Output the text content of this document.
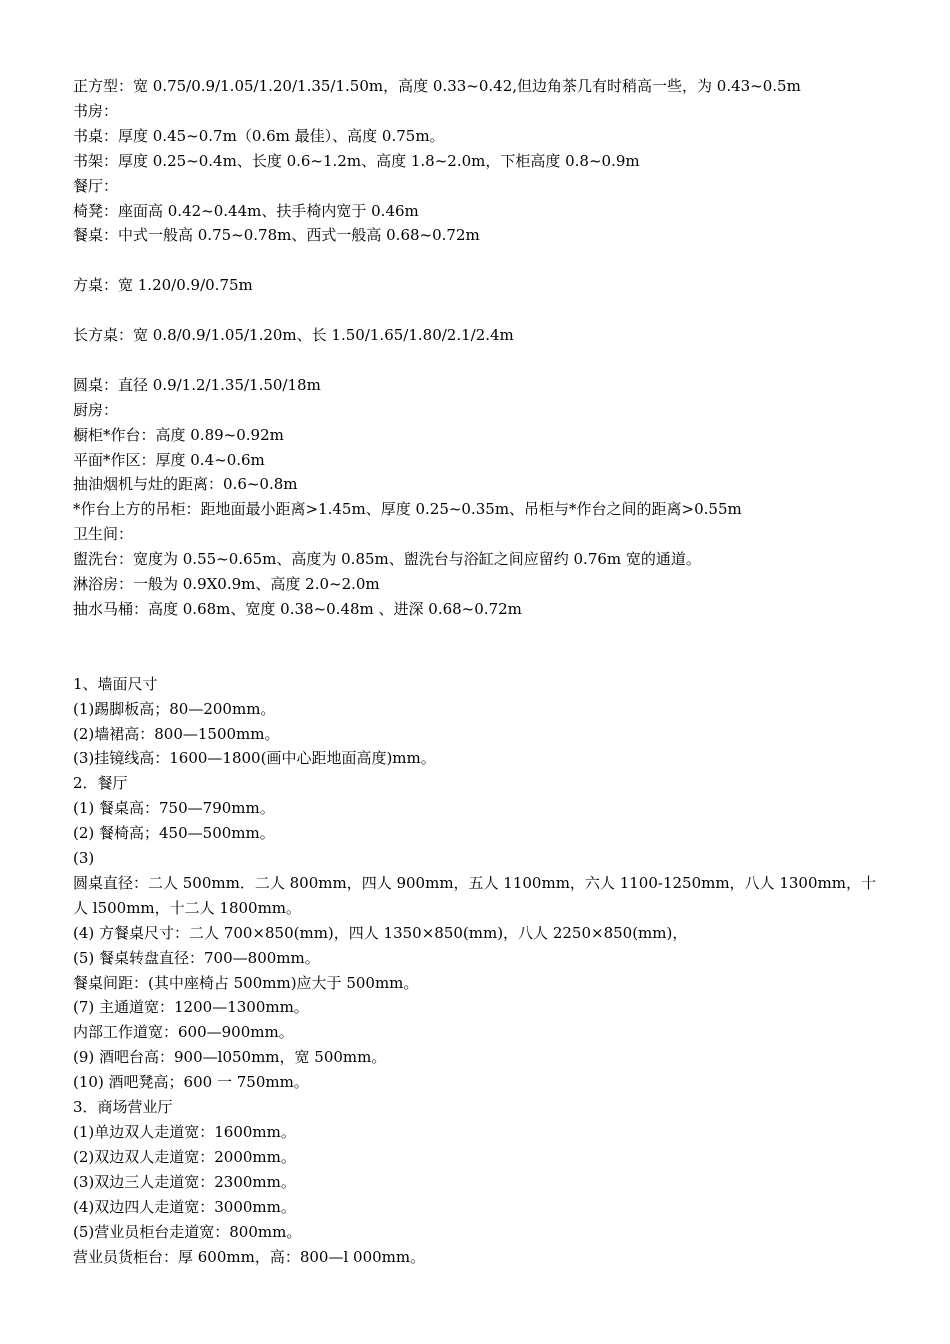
正方型：宽 0.75/0.9/1.05/1.20/1.35/1.50m，高度 0.33~0.42,但边角茶几有时稍高一些，为 0.43~0.5m
书房：
书桌：厚度 0.45~0.7m（0.6m 最佳）、高度 0.75m。
书架：厚度 0.25~0.4m、长度 0.6~1.2m、高度 1.8~2.0m，下柜高度 0.8~0.9m
餐厅：
椅凳：座面高 0.42~0.44m、扶手椅内宽于 0.46m
餐桌：中式一般高 0.75~0.78m、西式一般高 0.68~0.72m
方桌：宽 1.20/0.9/0.75m
长方桌：宽 0.8/0.9/1.05/1.20m、长 1.50/1.65/1.80/2.1/2.4m
圆桌：直径 0.9/1.2/1.35/1.50/18m
厨房：
橱柜*作台：高度 0.89~0.92m
平面*作区：厚度 0.4~0.6m
抽油烟机与灶的距离：0.6~0.8m
*作台上方的吊柜：距地面最小距离>1.45m、厚度 0.25~0.35m、吊柜与*作台之间的距离>0.55m
卫生间：
盥洗台：宽度为 0.55~0.65m、高度为 0.85m、盥洗台与浴缸之间应留约 0.76m 宽的通道。
淋浴房：一般为 0.9X0.9m、高度 2.0~2.0m
抽水马桶：高度 0.68m、宽度 0.38~0.48m 、进深 0.68~0.72m
1、墙面尺寸
(1)踢脚板高；80—200mm。
(2)墙裙高：800—1500mm。
(3)挂镜线高：1600—1800(画中心距地面高度)mm。
2．餐厅
(1) 餐桌高：750—790mm。
(2) 餐椅高；450—500mm。
(3)
圆桌直径：二人 500mm．二人 800mm，四人 900mm，五人 1100mm，六人 1100-1250mm，八人 1300mm，十人 l500mm，十二人 1800mm。
(4) 方餐桌尺寸：二人 700×850(mm)，四人 1350×850(mm)，八人 2250×850(mm)，
(5) 餐桌转盘直径：700—800mm。
餐桌间距：(其中座椅占 500mm)应大于 500mm。
(7) 主通道宽：1200—1300mm。
内部工作道宽：600—900mm。
(9) 酒吧台高：900—l050mm，宽 500mm。
(10) 酒吧凳高；600 一 750mm。
3．商场营业厅
(1)单边双人走道宽：1600mm。
(2)双边双人走道宽：2000mm。
(3)双边三人走道宽：2300mm。
(4)双边四人走道宽：3000mm。
(5)营业员柜台走道宽：800mm。
营业员货柜台：厚 600mm，高：800—l 000mm。
